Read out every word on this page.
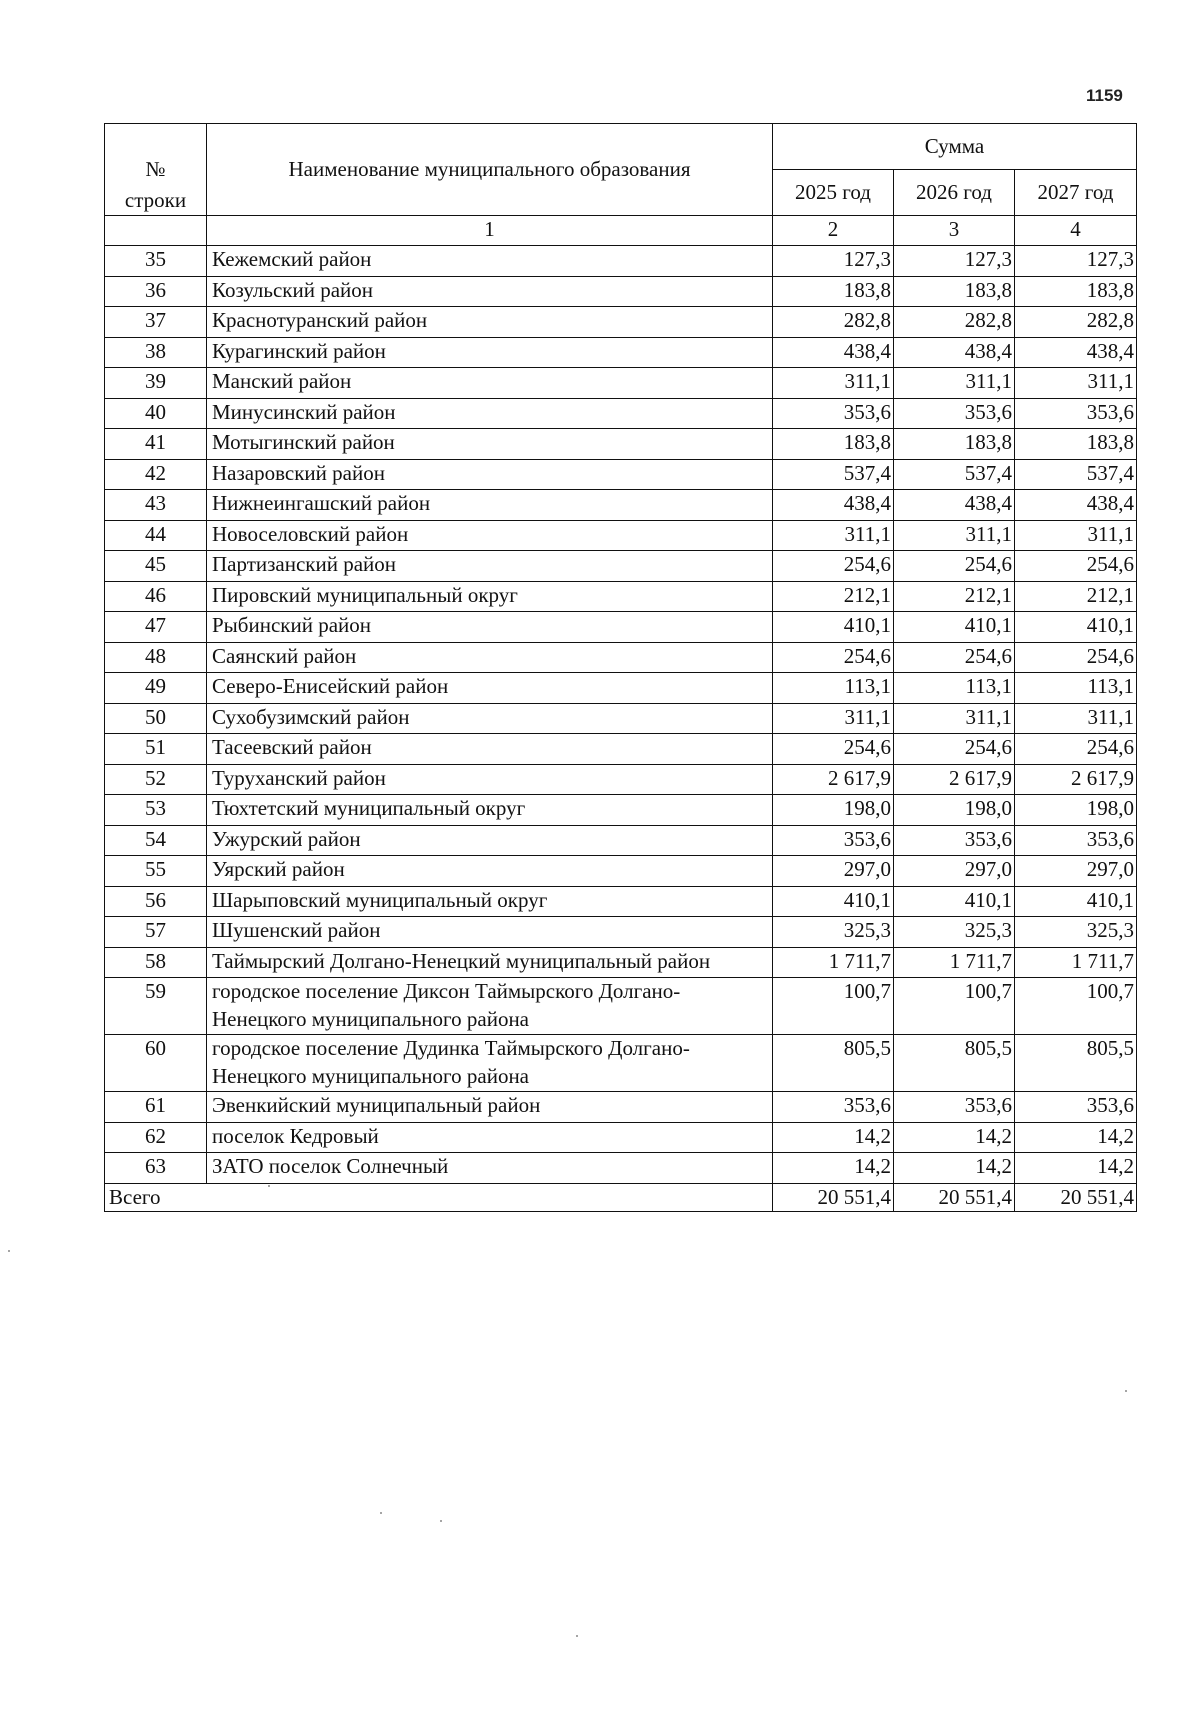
1159

№
строки	Наименование муниципального образования	Сумма		
		2025 год	2026 год	2027 год
	1	2	3	4
35	Кежемский район	127,3	127,3	127,3
36	Козульский район	183,8	183,8	183,8
37	Краснотуранский район	282,8	282,8	282,8
38	Курагинский район	438,4	438,4	438,4
39	Манский район	311,1	311,1	311,1
40	Минусинский район	353,6	353,6	353,6
41	Мотыгинский район	183,8	183,8	183,8
42	Назаровский район	537,4	537,4	537,4
43	Нижнеингашский район	438,4	438,4	438,4
44	Новоселовский район	311,1	311,1	311,1
45	Партизанский район	254,6	254,6	254,6
46	Пировский муниципальный округ	212,1	212,1	212,1
47	Рыбинский район	410,1	410,1	410,1
48	Саянский район	254,6	254,6	254,6
49	Северо-Енисейский район	113,1	113,1	113,1
50	Сухобузимский район	311,1	311,1	311,1
51	Тасеевский район	254,6	254,6	254,6
52	Туруханский район	2 617,9	2 617,9	2 617,9
53	Тюхтетский муниципальный округ	198,0	198,0	198,0
54	Ужурский район	353,6	353,6	353,6
55	Уярский район	297,0	297,0	297,0
56	Шарыповский муниципальный округ	410,1	410,1	410,1
57	Шушенский район	325,3	325,3	325,3
58	Таймырский Долгано-Ненецкий муниципальный район	1 711,7	1 711,7	1 711,7
59	городское поселение Диксон Таймырского Долгано-Ненецкого муниципального района	100,7	100,7	100,7
60	городское поселение Дудинка Таймырского Долгано-Ненецкого муниципального района	805,5	805,5	805,5
61	Эвенкийский муниципальный район	353,6	353,6	353,6
62	поселок Кедровый	14,2	14,2	14,2
63	ЗАТО поселок Солнечный	14,2	14,2	14,2
Всего		20 551,4	20 551,4	20 551,4
